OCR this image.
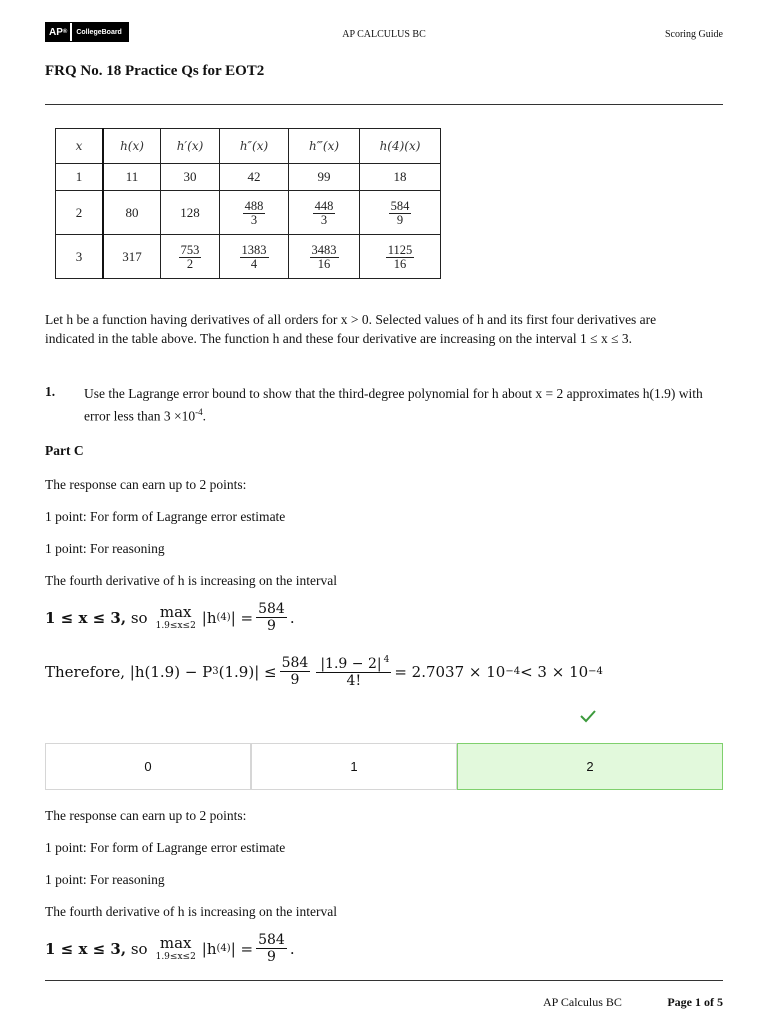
AP ®	CollegeBoard	AP CALCULUS BC	Scoring Guide
FRQ No. 18 Practice Qs for EOT2
x	h(x)	h′(x)	h″(x)	h‴(x)	h(4)(x)
1	11	30	42	99	18
2	80	128	$\frac{488}{3}$	$\frac{448}{3}$	$\frac{584}{9}$

3	317	$\frac{753}{2}$	$\frac{1383}{4}$	$\frac{3483}{16}$	$\frac{1125}{16}$
Let h be a function having derivatives of all orders for x > 0. Selected values of h and its first four derivatives are
indicated in the table above. The function h and these four derivative are increasing on the interval 1 ≤ x ≤ 3.
1. Use the Lagrange error bound to show that the third-degree polynomial for h about x = 2 approximates h(1.9) with
error less than $3 \times 10^{-4}$.
Part C
The response can earn up to 2 points:
1 point: For form of Lagrange error estimate
1 point: For reasoning
The fourth derivative of h is increasing on the interval
1 ≤ x ≤ 3,
so max
1.9≤x≤2 |h (4) | = $\frac{584}{9}$ .
Therefore,
|h(1.9) − P 3 $(1.9)| \le \frac{584}{9} \frac{|1.9 - 2| ^4}{4!} = 2.7037 \times 10 -4 < 3 \times 10 -4$
0	1	2
The response can earn up to 2 points:
1 point: For form of Lagrange error estimate
1 point: For reasoning
The fourth derivative of h is increasing on the interval
1 ≤ x ≤ 3,
so max
1.9≤x≤2 |h (4) | = $\frac{584}{9}$ .
AP Calculus BC	Page 1 of 5
